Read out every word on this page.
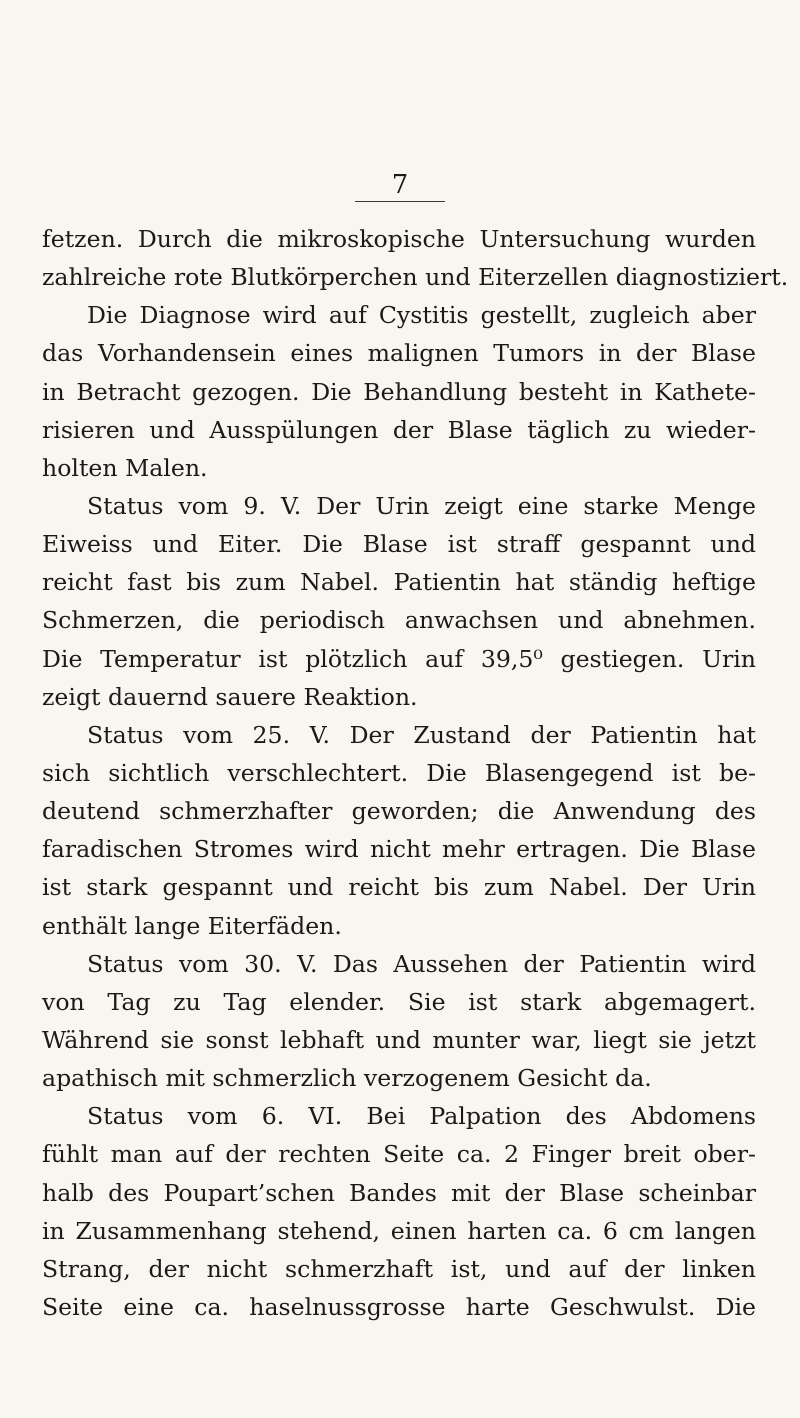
7
fetzen. Durch die mikroskopische Untersuchung wurden
zahlreiche rote Blutkörperchen und Eiterzellen diagnostiziert.
Die Diagnose wird auf Cystitis gestellt, zugleich aber
das Vorhandensein eines malignen Tumors in der Blase
in Betracht gezogen. Die Behandlung besteht in Kathete-
risieren und Ausspülungen der Blase täglich zu wieder-
holten Malen.
Status vom 9. V. Der Urin zeigt eine starke Menge
Eiweiss und Eiter. Die Blase ist straff gespannt und
reicht fast bis zum Nabel. Patientin hat ständig heftige
Schmerzen, die periodisch anwachsen und abnehmen.
Die Temperatur ist plötzlich auf 39,5⁰ gestiegen. Urin
zeigt dauernd sauere Reaktion.
Status vom 25. V. Der Zustand der Patientin hat
sich sichtlich verschlechtert. Die Blasengegend ist be-
deutend schmerzhafter geworden; die Anwendung des
faradischen Stromes wird nicht mehr ertragen. Die Blase
ist stark gespannt und reicht bis zum Nabel. Der Urin
enthält lange Eiterfäden.
Status vom 30. V. Das Aussehen der Patientin wird
von Tag zu Tag elender. Sie ist stark abgemagert.
Während sie sonst lebhaft und munter war, liegt sie jetzt
apathisch mit schmerzlich verzogenem Gesicht da.
Status vom 6. VI. Bei Palpation des Abdomens
fühlt man auf der rechten Seite ca. 2 Finger breit ober-
halb des Poupart’schen Bandes mit der Blase scheinbar
in Zusammenhang stehend, einen harten ca. 6 cm langen
Strang, der nicht schmerzhaft ist, und auf der linken
Seite eine ca. haselnussgrosse harte Geschwulst. Die
